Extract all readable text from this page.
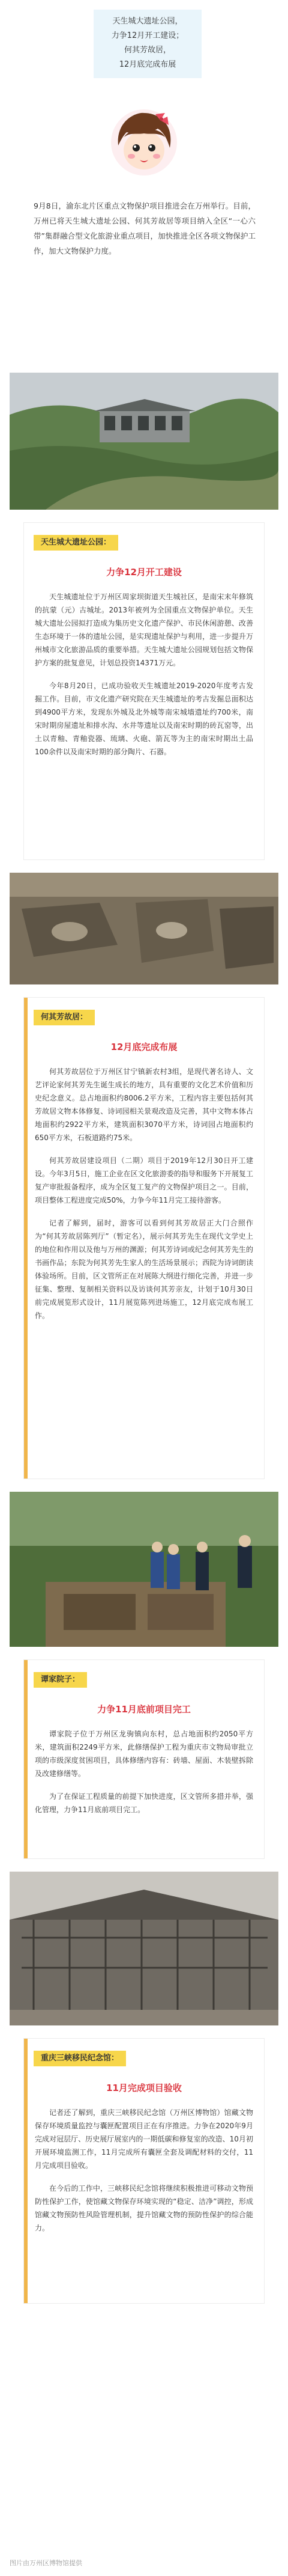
天生城大遗址公园，
力争12月开工建设；
何其芳故居，
12月底完成布展
9月8日，渝东北片区重点文物保护项目推进会在万州举行。目前，万州已将天生城大遗址公园、何其芳故居等项目纳入全区“一心六带”集群融合型文化旅游业重点项目，加快推进全区各项文物保护工作，加大文物保护力度。
天生城大遗址公园：
力争12月开工建设

天生城遗址位于万州区周家坝街道天生城社区，是南宋末年修筑的抗蒙（元）古城址。2013年被列为全国重点文物保护单位。天生城大遗址公园拟打造成为集历史文化遗产保护、市民休闲游憩、改善生态环境于一体的遗址公园，是实现遗址保护与利用，进一步提升万州城市文化旅游品质的重要举措。天生城大遗址公园规划包括文物保护方案的批复意见，计划总投资14371万元。

今年8月20日，已成功验收天生城遗址2019-2020年度考古发掘工作。目前，市文化遗产研究院在天生城遗址的考古发掘总面积达到4900平方米，发现东外城及北外城等南宋城墙遗址约700米，南宋时期房屋遗址和排水沟、水井等遗址以及南宋时期的砖瓦窑等，出土以青釉、青釉瓷器、琉璃、火砲、箭瓦等为主的南宋时期出土品100余件以及南宋时期的部分陶片、石器。

何其芳故居：
12月底完成布展

何其芳故居位于万州区甘宁镇新农村3组，是现代著名诗人、文艺评论家何其芳先生诞生成长的地方，具有重要的文化艺术价值和历史纪念意义。总占地面积约8006.2平方米，工程内容主要包括何其芳故居文物本体修复、诗词园相关景观改造及完善，其中文物本体占地面积约2922平方米，建筑面积3070平方米，诗词园占地面积约650平方米，石板道路约75米。

何其芳故居建设项目（二期）项目于2019年12月30日开工建设。今年3月5日，施工企业在区文化旅游委的指导和服务下开展复工复产审批报备程序，成为全区复工复产的文物保护项目之一。目前，项目整体工程进度完成50%，力争今年11月完工接待游客。

记者了解到，届时，游客可以看到何其芳故居正大门合照作为“何其芳故居陈列厅”（暂定名），展示何其芳先生在现代文学史上的地位和作用以及他与万州的渊源；何其芳诗词或纪念何其芳先生的书画作品；东院为何其芳先生家人的生活场景展示；西院为诗词朗读体验场所。目前，区文管所正在对展陈大纲进行细化完善，并进一步征集、整理、复制相关资料以及访谈何其芳亲友，计划于10月30日前完成展览形式设计，11月展览陈列进场施工，12月底完成布展工作。

谭家院子：
力争11月底前项目完工

谭家院子位于万州区龙驹镇向东村，总占地面积约2050平方米，建筑面积2249平方米，此修缮保护工程为重庆市文物局审批立项的市级深度贫困项目，具体修缮内容有：砖墙、屋面、木装壁拆除及改建修缮等。

为了在保证工程质量的前提下加快进度，区文管所多措并举，强化管理，力争11月底前项目完工。

重庆三峡移民纪念馆：
11月完成项目验收

记者还了解到，重庆三峡移民纪念馆（万州区博物馆）馆藏文物保存环境质量监控与囊匣配置项目正在有序推进。力争在2020年9月完成对冠层厅、历史展厅展室内的一期低碳和修复室的改造、10月初开展环境监测工作，11月完成所有囊匣全套及调配材料的交付，11月完成项目验收。

在今后的工作中，三峡移民纪念馆将继续积极推进可移动文物预防性保护工作，使馆藏文物保存环境实现的“稳定、洁净”调控，形成馆藏文物预防性风险管理机制，提升馆藏文物的预防性保护的综合能力。

图片由万州区博物馆提供
